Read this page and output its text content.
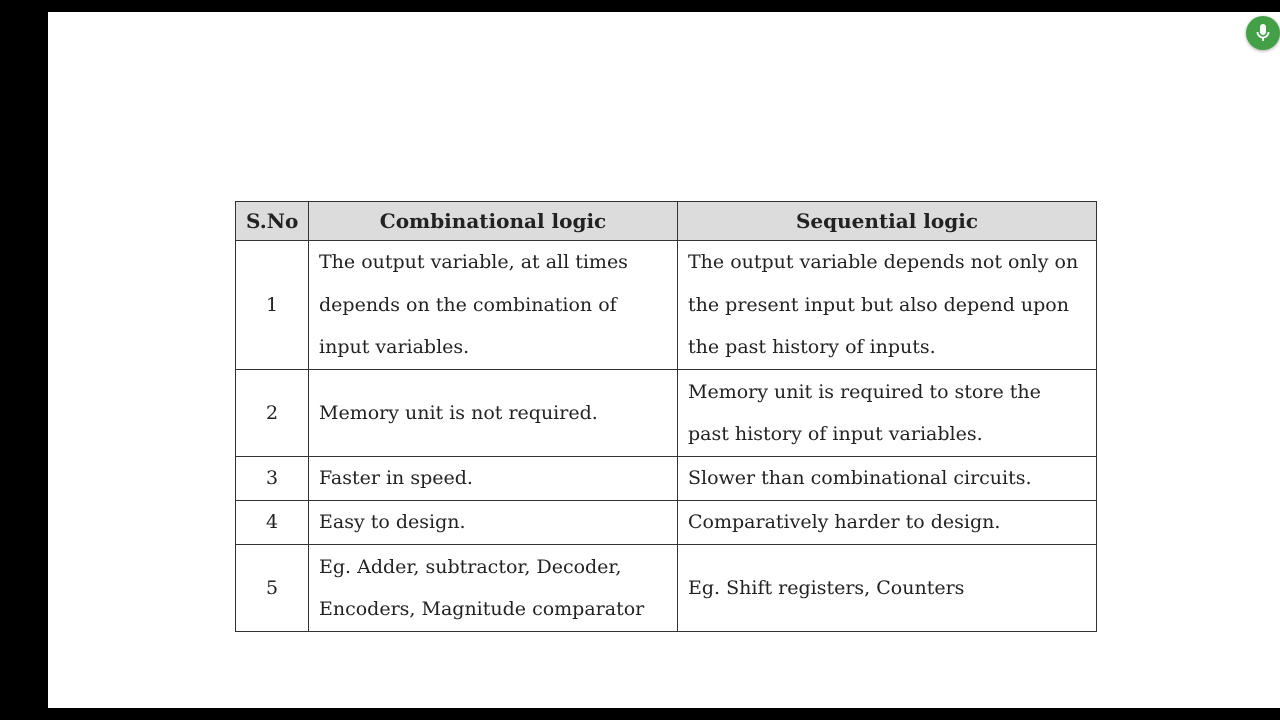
S.No	Combinational logic	Sequential logic
1	The output variable, at all times depends on the combination of input variables.	The output variable depends not only on the present input but also depend upon the past history of inputs.
2	Memory unit is not required.	Memory unit is required to store the past history of input variables.
3	Faster in speed.	Slower than combinational circuits.
4	Easy to design.	Comparatively harder to design.
5	Eg. Adder, subtractor, Decoder, Encoders, Magnitude comparator	Eg. Shift registers, Counters
